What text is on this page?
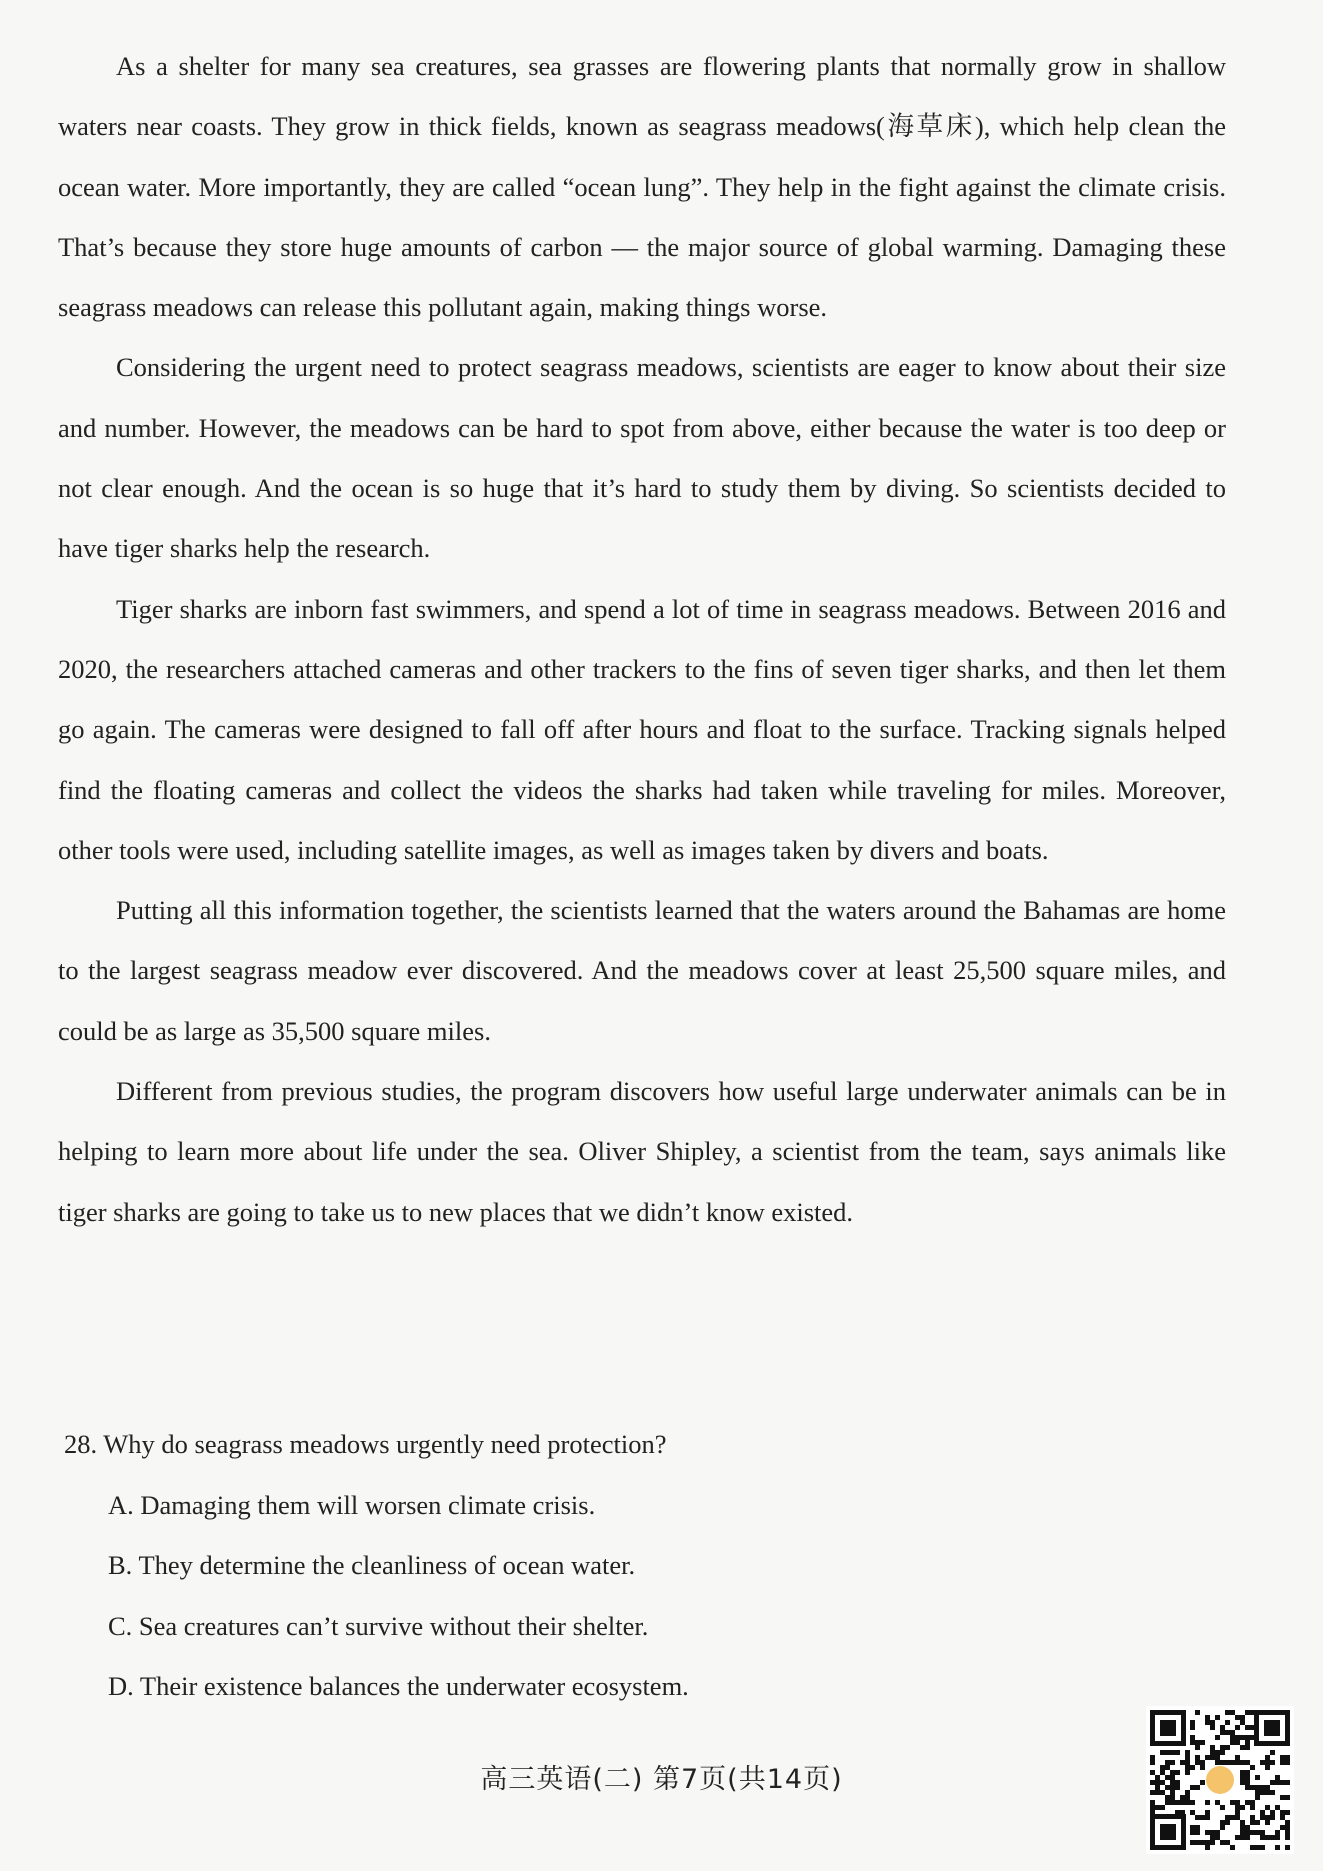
As a shelter for many sea creatures, sea grasses are flowering plants that normally grow in shallow waters near coasts. They grow in thick fields, known as seagrass meadows(海草床), which help clean the ocean water. More importantly, they are called “ocean lung”. They help in the fight against the climate crisis. That’s because they store huge amounts of carbon — the major source of global warming. Damaging these seagrass meadows can release this pollutant again, making things worse.

Considering the urgent need to protect seagrass meadows, scientists are eager to know about their size and number. However, the meadows can be hard to spot from above, either because the water is too deep or not clear enough. And the ocean is so huge that it’s hard to study them by diving. So scientists decided to have tiger sharks help the research.

Tiger sharks are inborn fast swimmers, and spend a lot of time in seagrass meadows. Between 2016 and 2020, the researchers attached cameras and other trackers to the fins of seven tiger sharks, and then let them go again. The cameras were designed to fall off after hours and float to the surface. Tracking signals helped find the floating cameras and collect the videos the sharks had taken while traveling for miles. Moreover, other tools were used, including satellite images, as well as images taken by divers and boats.

Putting all this information together, the scientists learned that the waters around the Bahamas are home to the largest seagrass meadow ever discovered. And the meadows cover at least 25,500 square miles, and could be as large as 35,500 square miles.

Different from previous studies, the program discovers how useful large underwater animals can be in helping to learn more about life under the sea. Oliver Shipley, a scientist from the team, says animals like tiger sharks are going to take us to new places that we didn’t know existed.

28. Why do seagrass meadows urgently need protection?

A. Damaging them will worsen climate crisis.
B. They determine the cleanliness of ocean water.
C. Sea creatures can’t survive without their shelter.
D. Their existence balances the underwater ecosystem.
高三英语(二) 第7页(共14页)
